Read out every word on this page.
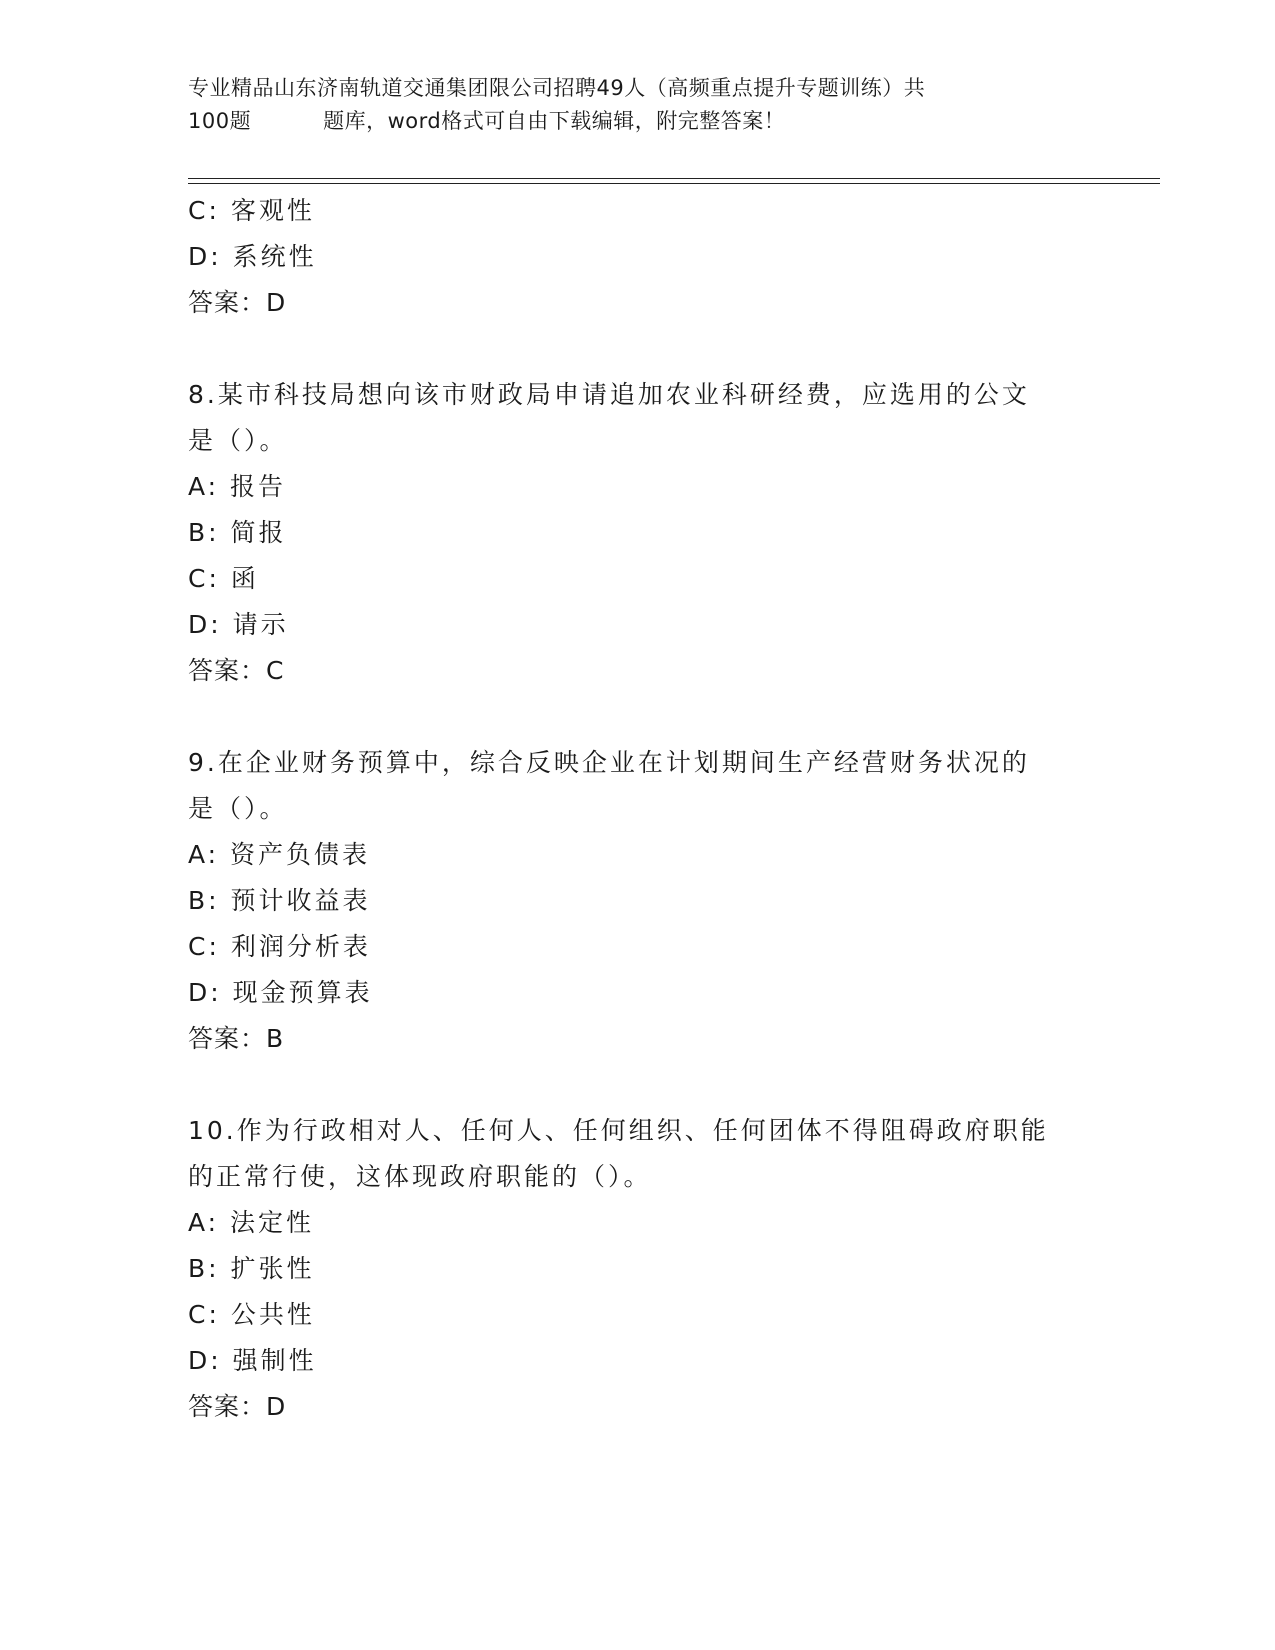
专业精品山东济南轨道交通集团限公司招聘49人（高频重点提升专题训练）共
100题	题库，word格式可自由下载编辑，附完整答案！
C: 客观性
D: 系统性
答案：D
8.某市科技局想向该市财政局申请追加农业科研经费，应选用的公文
是（）。
A: 报告
B: 简报
C: 函
D: 请示
答案：C
9.在企业财务预算中，综合反映企业在计划期间生产经营财务状况的
是（）。
A: 资产负债表
B: 预计收益表
C: 利润分析表
D: 现金预算表
答案：B
10.作为行政相对人、任何人、任何组织、任何团体不得阻碍政府职能
的正常行使，这体现政府职能的（）。
A: 法定性
B: 扩张性
C: 公共性
D: 强制性
答案：D
